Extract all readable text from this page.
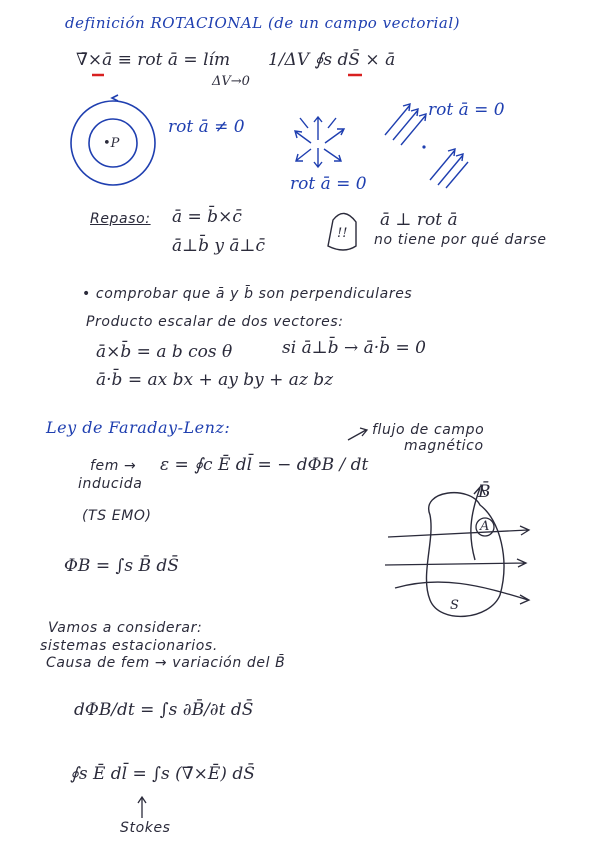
definición ROTACIONAL (de un campo vectorial)
∇̄×ā ≡ rot ā = lím
ΔV→0
1/ΔV ∮s dS̄ × ā
•P
rot ā ≠ 0
rot ā = 0
rot ā = 0
Repaso: ā = b̄×c̄
ā⊥b̄ y ā⊥c̄
!!
ā ⊥ rot ā
no tiene por qué darse
• comprobar que ā y b̄ son perpendiculares
Producto escalar de dos vectores:
ā×b̄ = a b cos θ	si ā⊥b̄ → ā·b̄ = 0
ā·b̄ = ax bx + ay by + az bz
Ley de Faraday-Lenz:	flujo de campo
magnético
fem →
inducida
ε = ∮c Ē dl̄ = − dΦB / dt
(TS EMO)
ΦB = ∫s B̄ dS̄
B̄
A
S
Vamos a considerar:
sistemas estacionarios.
Causa de fem → variación del B̄
dΦB/dt = ∫s ∂B̄/∂t dS̄
∮s Ē dl̄ = ∫s (∇̄×Ē) dS̄
Stokes
